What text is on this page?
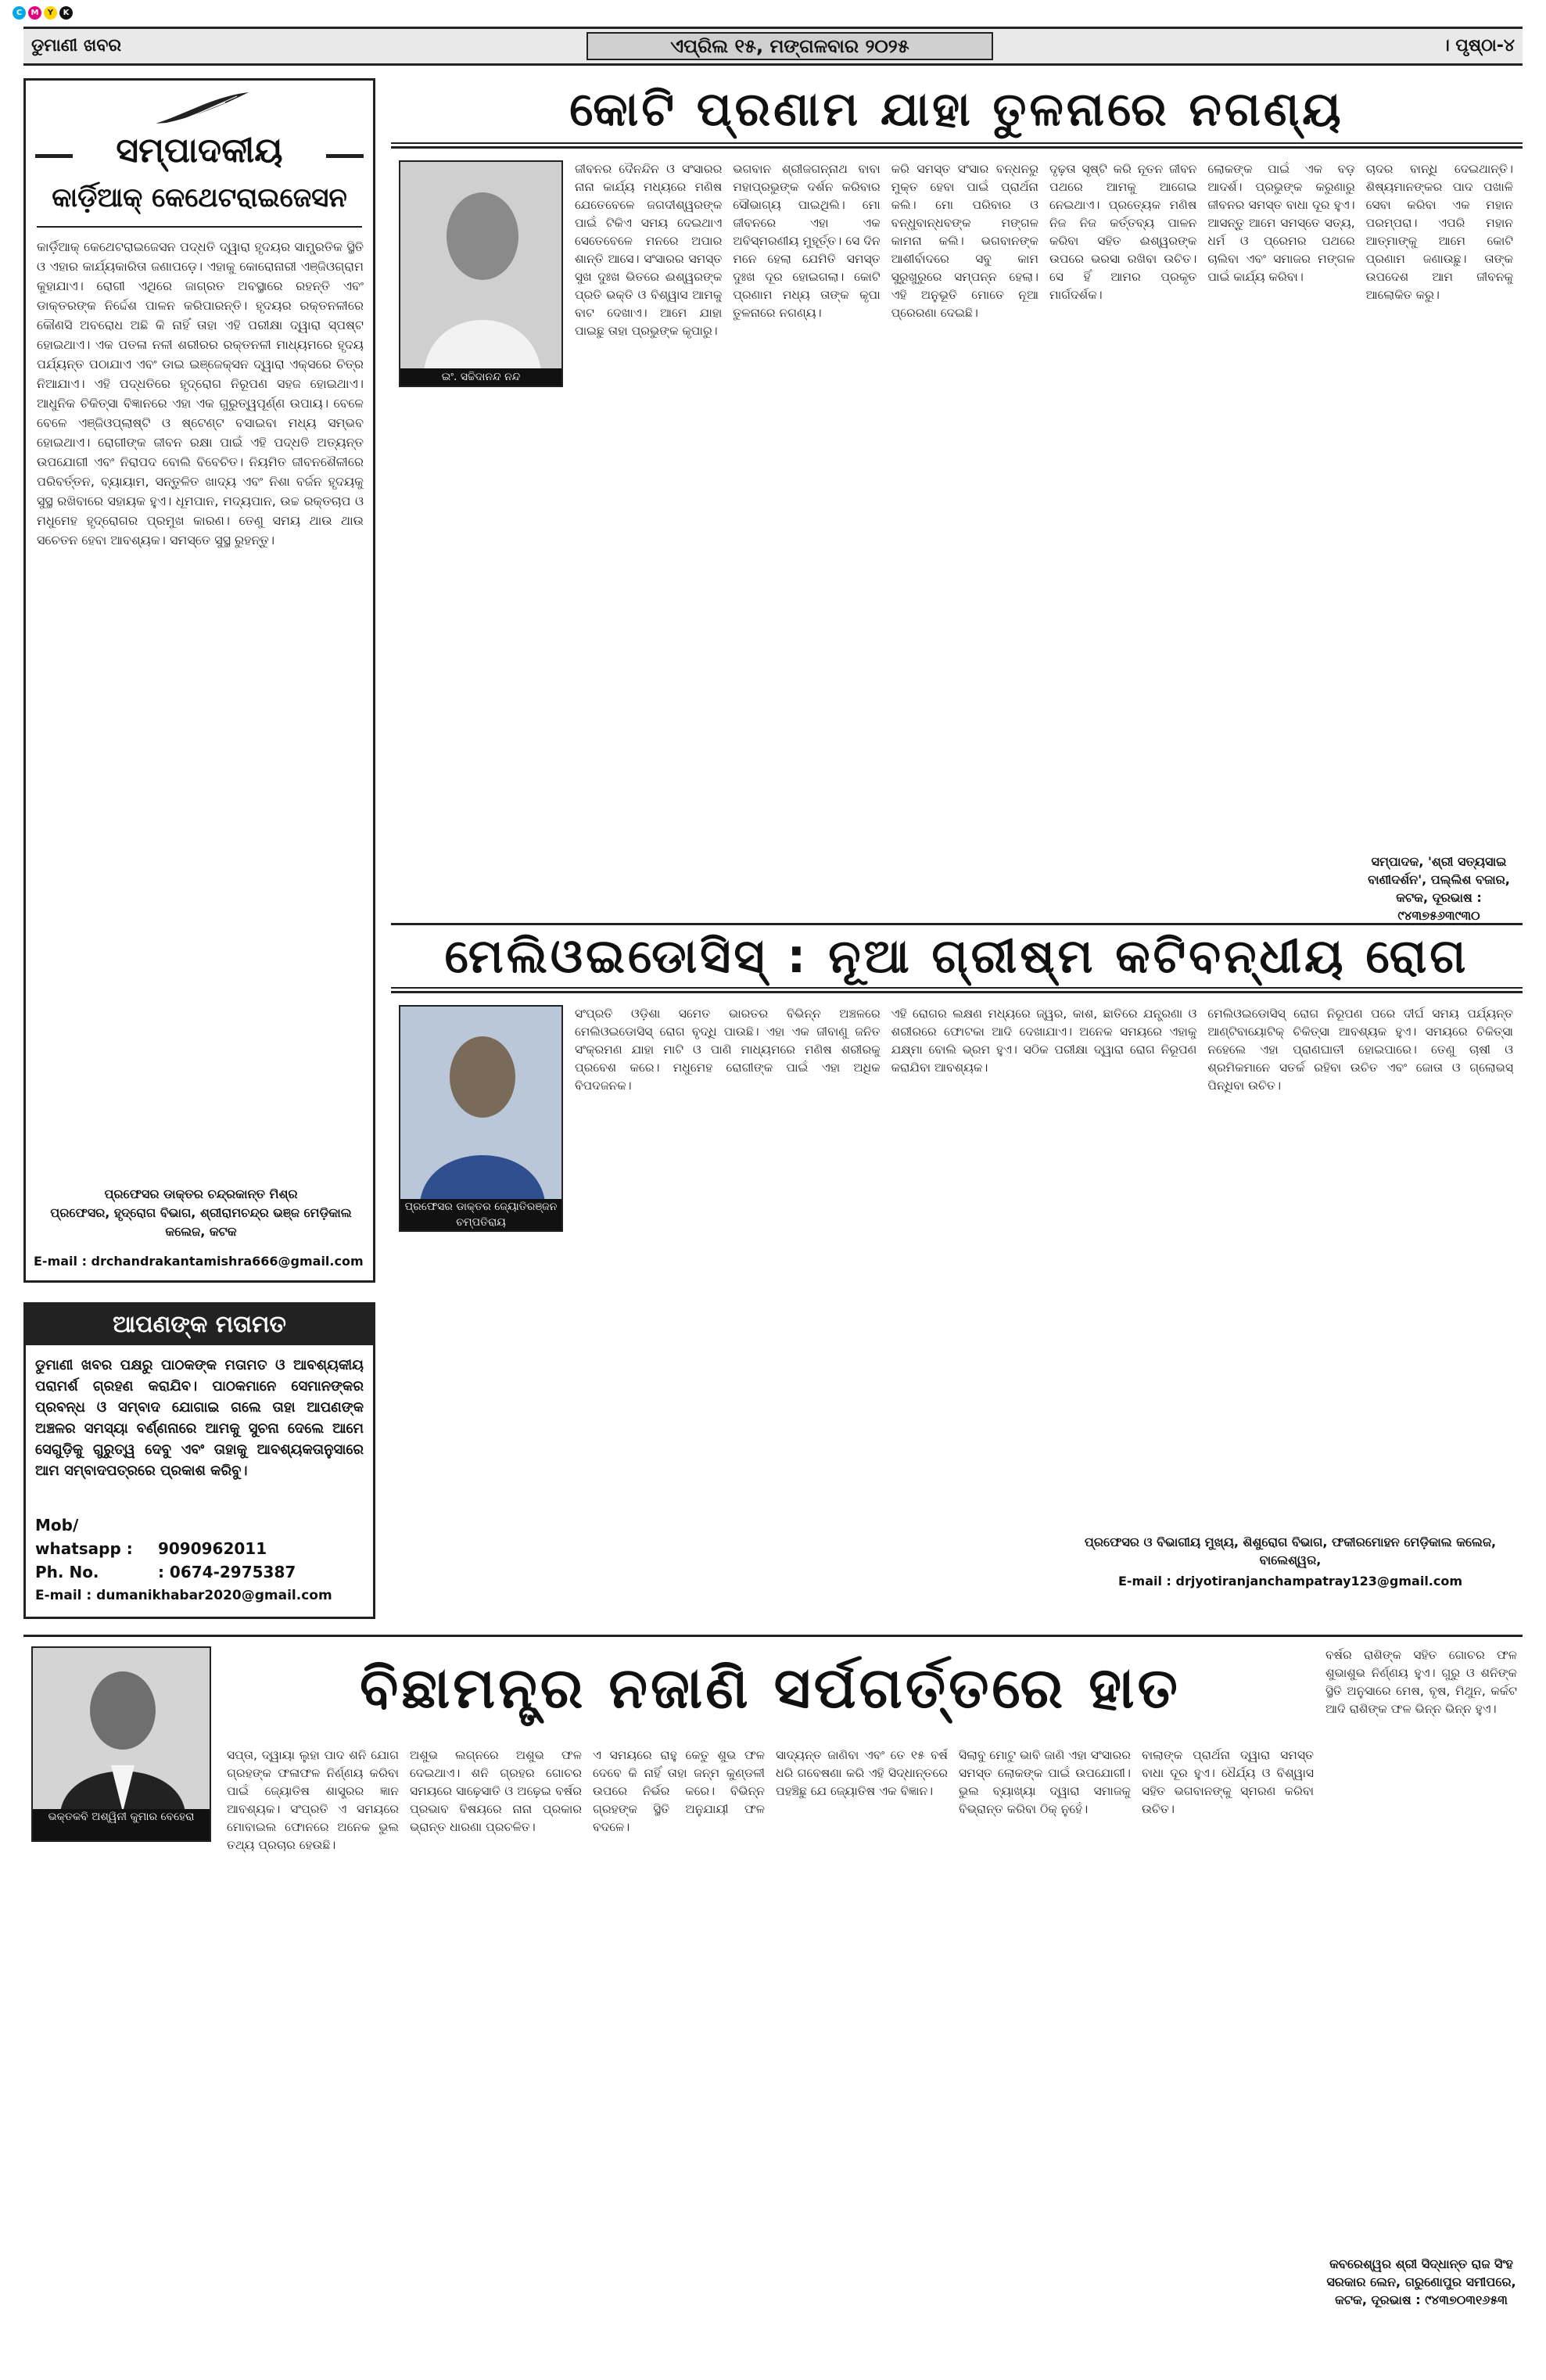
C	M	Y	K
ଡୁମାଣୀ ଖବର	ଏପ୍ରିଲ ୧୫, ମଙ୍ଗଳବାର ୨୦୨୫	। ପୃଷ୍ଠା-୪
ସମ୍ପାଦକୀୟ
କାର୍ଡ଼ିଆକ୍ କେଥେଟରାଇଜେସନ
କାର୍ଡ଼ିଆକ୍ କେଥେଟରାଇଜେସନ ପଦ୍ଧତି ଦ୍ୱାରା ହୃଦୟର ସାମ୍ପ୍ରତିକ ସ୍ଥିତି ଓ ଏହାର କାର୍ଯ୍ୟକାରିତା ଜଣାପଡ଼େ। ଏହାକୁ କୋରୋନାରୀ ଏଞ୍ଜିଓଗ୍ରାମ କୁହାଯାଏ। ରୋଗୀ ଏଥିରେ ଜାଗ୍ରତ ଅବସ୍ଥାରେ ରହନ୍ତି ଏବଂ ଡାକ୍ତରଙ୍କ ନିର୍ଦ୍ଦେଶ ପାଳନ କରିପାରନ୍ତି। ହୃଦୟର ରକ୍ତନଳୀରେ କୌଣସି ଅବରୋଧ ଅଛି କି ନାହିଁ ତାହା ଏହି ପରୀକ୍ଷା ଦ୍ୱାରା ସ୍ପଷ୍ଟ ହୋଇଥାଏ। ଏକ ପତଳା ନଳୀ ଶରୀରର ରକ୍ତନଳୀ ମାଧ୍ୟମରେ ହୃଦୟ ପର୍ଯ୍ୟନ୍ତ ପଠାଯାଏ ଏବଂ ଡାଇ ଇଞ୍ଜେକ୍ସନ ଦ୍ୱାରା ଏକ୍ସରେ ଚିତ୍ର ନିଆଯାଏ। ଏହି ପଦ୍ଧତିରେ ହୃଦ୍‌ରୋଗ ନିରୂପଣ ସହଜ ହୋଇଥାଏ। ଆଧୁନିକ ଚିକିତ୍ସା ବିଜ୍ଞାନରେ ଏହା ଏକ ଗୁରୁତ୍ୱପୂର୍ଣ୍ଣ ଉପାୟ। ବେଳେ ବେଳେ ଏଞ୍ଜିଓପ୍ଲାଷ୍ଟି ଓ ଷ୍ଟେଣ୍ଟ ବସାଇବା ମଧ୍ୟ ସମ୍ଭବ ହୋଇଥାଏ। ରୋଗୀଙ୍କ ଜୀବନ ରକ୍ଷା ପାଇଁ ଏହି ପଦ୍ଧତି ଅତ୍ୟନ୍ତ ଉପଯୋଗୀ ଏବଂ ନିରାପଦ ବୋଲି ବିବେଚିତ। ନିୟମିତ ଜୀବନଶୈଳୀରେ ପରିବର୍ତ୍ତନ, ବ୍ୟାୟାମ, ସନ୍ତୁଳିତ ଖାଦ୍ୟ ଏବଂ ନିଶା ବର୍ଜନ ହୃଦୟକୁ ସୁସ୍ଥ ରଖିବାରେ ସହାୟକ ହୁଏ। ଧୂମପାନ, ମଦ୍ୟପାନ, ଉଚ୍ଚ ରକ୍ତଚାପ ଓ ମଧୁମେହ ହୃଦ୍‌ରୋଗର ପ୍ରମୁଖ କାରଣ। ତେଣୁ ସମୟ ଥାଉ ଥାଉ ସଚେତନ ହେବା ଆବଶ୍ୟକ। ସମସ୍ତେ ସୁସ୍ଥ ରୁହନ୍ତୁ।
ପ୍ରଫେସର ଡାକ୍ତର ଚନ୍ଦ୍ରକାନ୍ତ ମିଶ୍ର
ପ୍ରଫେସର, ହୃଦ୍‌ରୋଗ ବିଭାଗ, ଶ୍ରୀରାମଚନ୍ଦ୍ର ଭଞ୍ଜ ମେଡ଼ିକାଲ କଲେଜ, କଟକ
E-mail : drchandrakantamishra666@gmail.com
ଆପଣଙ୍କ ମତାମତ
ଡୁମାଣୀ ଖବର ପକ୍ଷରୁ ପାଠକଙ୍କ ମତାମତ ଓ ଆବଶ୍ୟକୀୟ ପରାମର୍ଶ ଗ୍ରହଣ କରାଯିବ। ପାଠକମାନେ ସେମାନଙ୍କର ପ୍ରବନ୍ଧ ଓ ସମ୍ବାଦ ଯୋଗାଇ ଗଲେ ତାହା ଆପଣଙ୍କ ଅଞ୍ଚଳର ସମସ୍ୟା ବର୍ଣ୍ଣନାରେ ଆମକୁ ସୁଚନା ଦେଲେ ଆମେ ସେଗୁଡ଼ିକୁ ଗୁରୁତ୍ୱ ଦେବୁ ଏବଂ ତାହାକୁ ଆବଶ୍ୟକତାନୁସାରେ ଆମ ସମ୍ବାଦପତ୍ରରେ ପ୍ରକାଶ କରିବୁ।
Mob/ whatsapp : 9090962011
Ph. No.	: 0674-2975387
E-mail : dumanikhabar2020@gmail.com
କୋଟି ପ୍ରଣାମ ଯାହା ତୁଳନାରେ ନଗଣ୍ୟ
ଇଂ. ସଚ୍ଚିଦାନନ୍ଦ ନନ୍ଦ
ଜୀବନର ଦୈନନ୍ଦିନ ଓ ସଂସାରର ନାନା କାର୍ଯ୍ୟ ମଧ୍ୟରେ ମଣିଷ ଯେତେବେଳେ ଜଗଦୀଶ୍ୱରଙ୍କ ପାଇଁ ଟିକିଏ ସମୟ ଦେଇଥାଏ ସେତେବେଳେ ମନରେ ଅପାର ଶାନ୍ତି ଆସେ। ସଂସାରର ସମସ୍ତ ସୁଖ ଦୁଃଖ ଭିତରେ ଈଶ୍ୱରଙ୍କ ପ୍ରତି ଭକ୍ତି ଓ ବିଶ୍ୱାସ ଆମକୁ ବାଟ ଦେଖାଏ। ଆମେ ଯାହା ପାଇଛୁ ତାହା ପ୍ରଭୁଙ୍କ କୃପାରୁ।
ଭଗବାନ ଶ୍ରୀଜଗନ୍ନାଥ ବାବା ମହାପ୍ରଭୁଙ୍କ ଦର୍ଶନ କରିବାର ସୌଭାଗ୍ୟ ପାଇଥିଲି। ମୋ ଜୀବନରେ ଏହା ଏକ ଅବିସ୍ମରଣୀୟ ମୁହୂର୍ତ୍ତ। ସେ ଦିନ ମନେ ହେଲା ଯେମିତି ସମସ୍ତ ଦୁଃଖ ଦୂର ହୋଇଗଲା। କୋଟି ପ୍ରଣାମ ମଧ୍ୟ ତାଙ୍କ କୃପା ତୁଳନାରେ ନଗଣ୍ୟ।
କରି ସମସ୍ତ ସଂସାର ବନ୍ଧନରୁ ମୁକ୍ତ ହେବା ପାଇଁ ପ୍ରାର୍ଥନା କଲି। ମୋ ପରିବାର ଓ ବନ୍ଧୁବାନ୍ଧବଙ୍କ ମଙ୍ଗଳ କାମନା କଲି। ଭଗବାନଙ୍କ ଆଶୀର୍ବାଦରେ ସବୁ କାମ ସୁରୁଖୁରୁରେ ସମ୍ପନ୍ନ ହେଲା। ଏହି ଅନୁଭୂତି ମୋତେ ନୂଆ ପ୍ରେରଣା ଦେଇଛି।
ଦୃଢ଼ତା ସୃଷ୍ଟି କରି ନୂତନ ଜୀବନ ପଥରେ ଆମକୁ ଆଗେଇ ନେଇଥାଏ। ପ୍ରତ୍ୟେକ ମଣିଷ ନିଜ ନିଜ କର୍ତ୍ତବ୍ୟ ପାଳନ କରିବା ସହିତ ଈଶ୍ୱରଙ୍କ ଉପରେ ଭରସା ରଖିବା ଉଚିତ। ସେ ହିଁ ଆମର ପ୍ରକୃତ ମାର୍ଗଦର୍ଶକ।
ଲୋକଙ୍କ ପାଇଁ ଏକ ବଡ଼ ଆଦର୍ଶ। ପ୍ରଭୁଙ୍କ କରୁଣାରୁ ଜୀବନର ସମସ୍ତ ବାଧା ଦୂର ହୁଏ। ଆସନ୍ତୁ ଆମେ ସମସ୍ତେ ସତ୍ୟ, ଧର୍ମ ଓ ପ୍ରେମର ପଥରେ ଚାଲିବା ଏବଂ ସମାଜର ମଙ୍ଗଳ ପାଇଁ କାର୍ଯ୍ୟ କରିବା।
ଚାଦର ବାନ୍ଧି ଦେଇଥାନ୍ତି। ଶିଷ୍ୟମାନଙ୍କର ପାଦ ପଖାଳି ସେବା କରିବା ଏକ ମହାନ ପରମ୍ପରା। ଏପରି ମହାନ ଆତ୍ମାଙ୍କୁ ଆମେ କୋଟି ପ୍ରଣାମ ଜଣାଉଛୁ। ତାଙ୍କ ଉପଦେଶ ଆମ ଜୀବନକୁ ଆଲୋକିତ କରୁ।
ସମ୍ପାଦକ, 'ଶ୍ରୀ ସତ୍ୟସାଇ ବାଣୀଦର୍ଶନ', ପଲ୍ଲିଶ ବଜାର, କଟକ, ଦୂରଭାଷ : ୯୪୩୭୫୬୩୯୩୦
ମେଲିଓଇଡୋସିସ୍ : ନୂଆ ଗ୍ରୀଷ୍ମ କଟିବନ୍ଧୀୟ ରୋଗ
ପ୍ରଫେସର ଡାକ୍ତର ଜ୍ୟୋତିରଞ୍ଜନ ଚମ୍ପତିରାୟ
ସଂପ୍ରତି ଓଡ଼ିଶା ସମେତ ଭାରତର ବିଭିନ୍ନ ଅଞ୍ଚଳରେ ମେଲିଓଇଡୋସିସ୍ ରୋଗ ବୃଦ୍ଧି ପାଉଛି। ଏହା ଏକ ଜୀବାଣୁ ଜନିତ ସଂକ୍ରମଣ ଯାହା ମାଟି ଓ ପାଣି ମାଧ୍ୟମରେ ମଣିଷ ଶରୀରକୁ ପ୍ରବେଶ କରେ। ମଧୁମେହ ରୋଗୀଙ୍କ ପାଇଁ ଏହା ଅଧିକ ବିପଦଜନକ।
ଏହି ରୋଗର ଲକ୍ଷଣ ମଧ୍ୟରେ ଜ୍ୱର, କାଶ, ଛାତିରେ ଯନ୍ତ୍ରଣା ଓ ଶରୀରରେ ଫୋଟକା ଆଦି ଦେଖାଯାଏ। ଅନେକ ସମୟରେ ଏହାକୁ ଯକ୍ଷ୍ମା ବୋଲି ଭ୍ରମ ହୁଏ। ସଠିକ ପରୀକ୍ଷା ଦ୍ୱାରା ରୋଗ ନିରୂପଣ କରାଯିବା ଆବଶ୍ୟକ।
ମେଲିଓଇଡୋସିସ୍ ରୋଗ ନିରୂପଣ ପରେ ଦୀର୍ଘ ସମୟ ପର୍ଯ୍ୟନ୍ତ ଆଣ୍ଟିବାୟୋଟିକ୍ ଚିକିତ୍ସା ଆବଶ୍ୟକ ହୁଏ। ସମୟରେ ଚିକିତ୍ସା ନହେଲେ ଏହା ପ୍ରାଣଘାତୀ ହୋଇପାରେ। ତେଣୁ ଚାଷୀ ଓ ଶ୍ରମିକମାନେ ସତର୍କ ରହିବା ଉଚିତ ଏବଂ ଜୋତା ଓ ଗ୍ଲୋଭସ୍ ପିନ୍ଧିବା ଉଚିତ।
ପ୍ରଫେସର ଓ ବିଭାଗୀୟ ମୁଖ୍ୟ, ଶିଶୁରୋଗ ବିଭାଗ, ଫକୀରମୋହନ ମେଡ଼ିକାଲ କଲେଜ, ବାଲେଶ୍ୱର,
E-mail : drjyotiranjanchampatray123@gmail.com
ଭକ୍ତକବି ଅଶ୍ୱିନୀ କୁମାର ବେହେରା
ବିଛାମନ୍ତ୍ର ନଜାଣି ସର୍ପଗର୍ତ୍ତରେ ହାତ
ସପ୍ତା, ଦ୍ୱାୟା ଲୁହା ପାଦ ଶନି ଯୋଗ ଗ୍ରହଙ୍କ ଫଳାଫଳ ନିର୍ଣ୍ଣୟ କରିବା ପାଇଁ ଜ୍ୟୋତିଷ ଶାସ୍ତ୍ରର ଜ୍ଞାନ ଆବଶ୍ୟକ। ସଂପ୍ରତି ଏ ସମୟରେ ମୋବାଇଲ ଫୋନରେ ଅନେକ ଭୁଲ ତଥ୍ୟ ପ୍ରଚାର ହେଉଛି।
ଅଶୁଭ ଲଗ୍ନରେ ଅଶୁଭ ଫଳ ଦେଇଥାଏ। ଶନି ଗ୍ରହର ଗୋଚର ସମୟରେ ସାଢ଼େସାତି ଓ ଅଢ଼େଇ ବର୍ଷର ପ୍ରଭାବ ବିଷୟରେ ନାନା ପ୍ରକାର ଭ୍ରାନ୍ତ ଧାରଣା ପ୍ରଚଳିତ।
ଏ ସମୟରେ ରାହୁ କେତୁ ଶୁଭ ଫଳ ଦେବେ କି ନାହିଁ ତାହା ଜନ୍ମ କୁଣ୍ଡଳୀ ଉପରେ ନିର୍ଭର କରେ। ବିଭିନ୍ନ ଗ୍ରହଙ୍କ ସ୍ଥିତି ଅନୁଯାୟୀ ଫଳ ବଦଳେ।
ସାଦ୍ୟନ୍ତ ଜାଣିବା ଏବଂ ତେ ୧୫ ବର୍ଷ ଧରି ଗବେଷଣା କରି ଏହି ସିଦ୍ଧାନ୍ତରେ ପହଞ୍ଚିଛୁ ଯେ ଜ୍ୟୋତିଷ ଏକ ବିଜ୍ଞାନ।
ସିଲାବୁ ମୋଟୁ ଭାବି ଜାଣି ଏହା ସଂସାରର ସମସ୍ତ ଲୋକଙ୍କ ପାଇଁ ଉପଯୋଗୀ। ଭୁଲ ବ୍ୟାଖ୍ୟା ଦ୍ୱାରା ସମାଜକୁ ବିଭ୍ରାନ୍ତ କରିବା ଠିକ୍ ନୁହେଁ।
ବାଲାଙ୍କ ପ୍ରାର୍ଥନା ଦ୍ୱାରା ସମସ୍ତ ବାଧା ଦୂର ହୁଏ। ଧୈର୍ଯ୍ୟ ଓ ବିଶ୍ୱାସ ସହିତ ଭଗବାନଙ୍କୁ ସ୍ମରଣ କରିବା ଉଚିତ।
ବର୍ଷର ରାଶିଙ୍କ ସହିତ ଗୋଚର ଫଳ ଶୁଭାଶୁଭ ନିର୍ଣ୍ଣୟ ହୁଏ। ଗୁରୁ ଓ ଶନିଙ୍କ ସ୍ଥିତି ଅନୁସାରେ ମେଷ, ବୃଷ, ମିଥୁନ, କର୍କଟ ଆଦି ରାଶିଙ୍କ ଫଳ ଭିନ୍ନ ଭିନ୍ନ ହୁଏ।
କବରେଶ୍ୱର ଶ୍ରୀ ସିଦ୍ଧାନ୍ତ ରାଜ ସିଂହ ସରକାର ଲେନ, ଗରୁଣୋପୁର ସମୀପରେ, କଟକ, ଦୂରଭାଷ : ୯୪୩୭୦୩୧୬୫୩
